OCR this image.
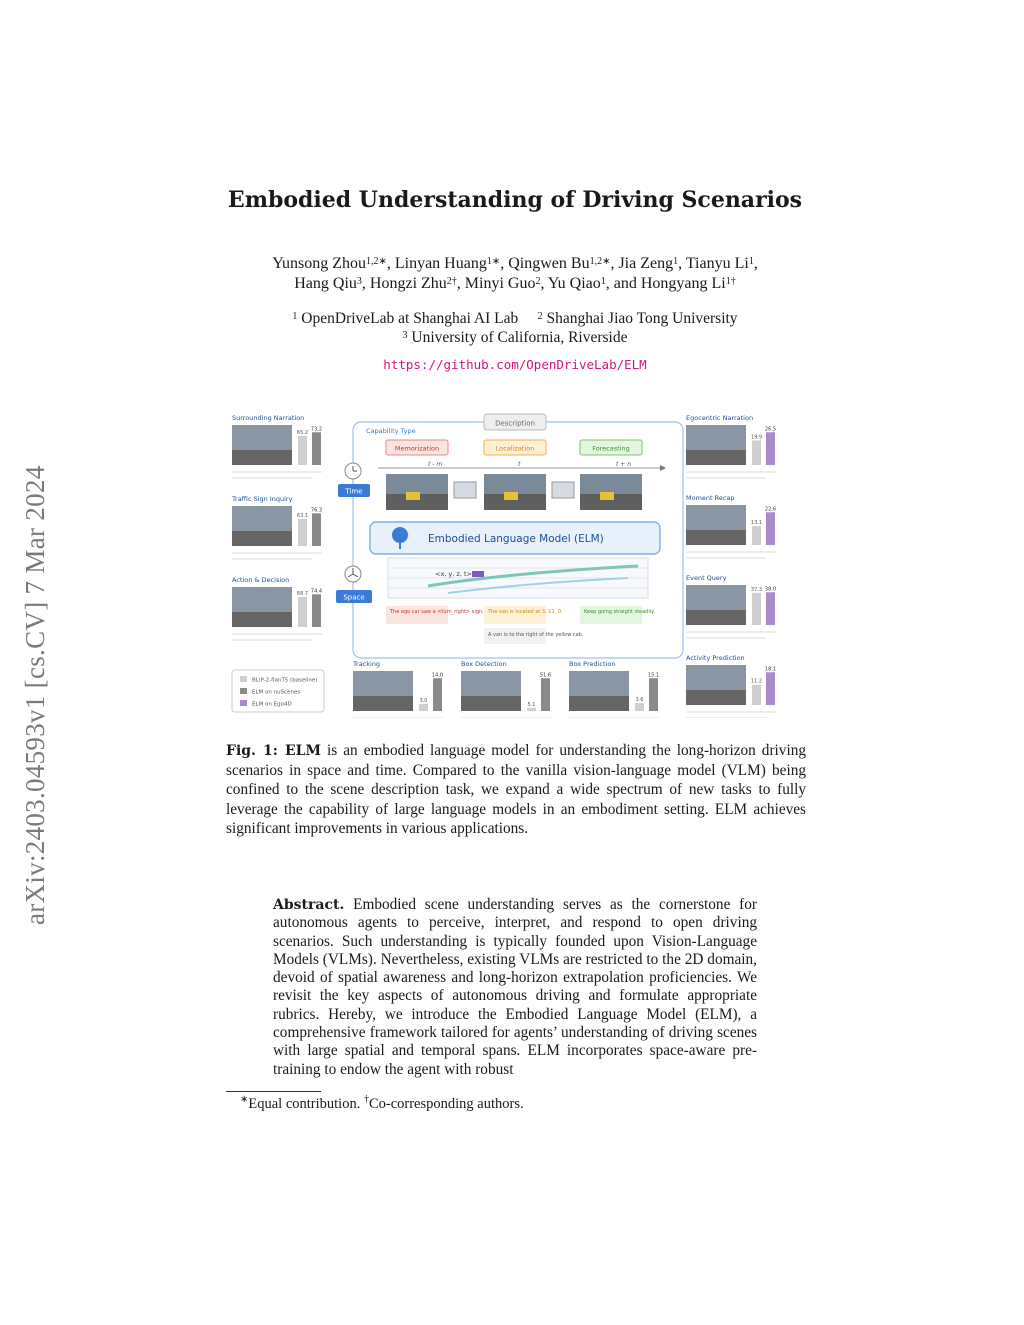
arXiv:2403.04593v1 [cs.CV] 7 Mar 2024
Embodied Understanding of Driving Scenarios
Yunsong Zhou$^{1,2∗}$, Linyan Huang$^{1∗}$, Qingwen $Bu^{1,2∗}$, Jia Zeng$^1$, Tianyu Li$^1$,
Hang Qiu$^3$, Hongzi Zhu$^{2\dagger}$, Minyi Guo$^2$, Yu Qiao$^1$, and Hongyang $Li^{1\dagger}$
$^1$ OpenDriveLab at Shanghai AI Lab $^2$ Shanghai Jiao Tong University
$^3$ University of California, Riverside
https://github.com/OpenDriveLab/ELM
Description
Capability Type
Memorization	Localization	Forecasting
t - m	t	t + n
Time
Embodied Language Model (ELM)
Space
<x, y, z, t>
The ego car saw a <turn_right> sign. The van is located at 3, 11, 0.	Keep going straight steadily.
A van is to the right of the yellow cab.
Surrounding Narration
65.2
73.2
Traffic Sign Inquiry
63.1
76.3
Action & Decision
68.7 74.4
Egocentric Narration
19.9
26.5
Moment Recap
13.1
22.6
Event Query
37.3 38.0
Activity Prediction
11.2
18.1
Tracking
3.0
14.0
Box Detection
5.1
51.6
Box Prediction
3.6
15.1
BLIP-2-flanT5 (baseline)
ELM on nuScenes
ELM on Ego4D

Fig. 1: ELM is an embodied language model for understanding the long-horizon driving scenarios in space and time. Compared to the vanilla vision-language model (VLM) being confined to the scene description task, we expand a wide spectrum of new tasks to fully leverage the capability of large language models in an embodiment setting. ELM achieves significant improvements in various applications.

Abstract. Embodied scene understanding serves as the cornerstone for autonomous agents to perceive, interpret, and respond to open driving scenarios. Such understanding is typically founded upon Vision-Language Models (VLMs). Nevertheless, existing VLMs are restricted to the 2D domain, devoid of spatial awareness and long-horizon extrapolation proficiencies. We revisit the key aspects of autonomous driving and formulate appropriate rubrics. Hereby, we introduce the Embodied Language Model (ELM), a comprehensive framework tailored for agents’ understanding of driving scenes with large spatial and temporal spans. ELM incorporates space-aware pre-training to endow the agent with robust

∗Equal contribution. †Co-corresponding authors.
